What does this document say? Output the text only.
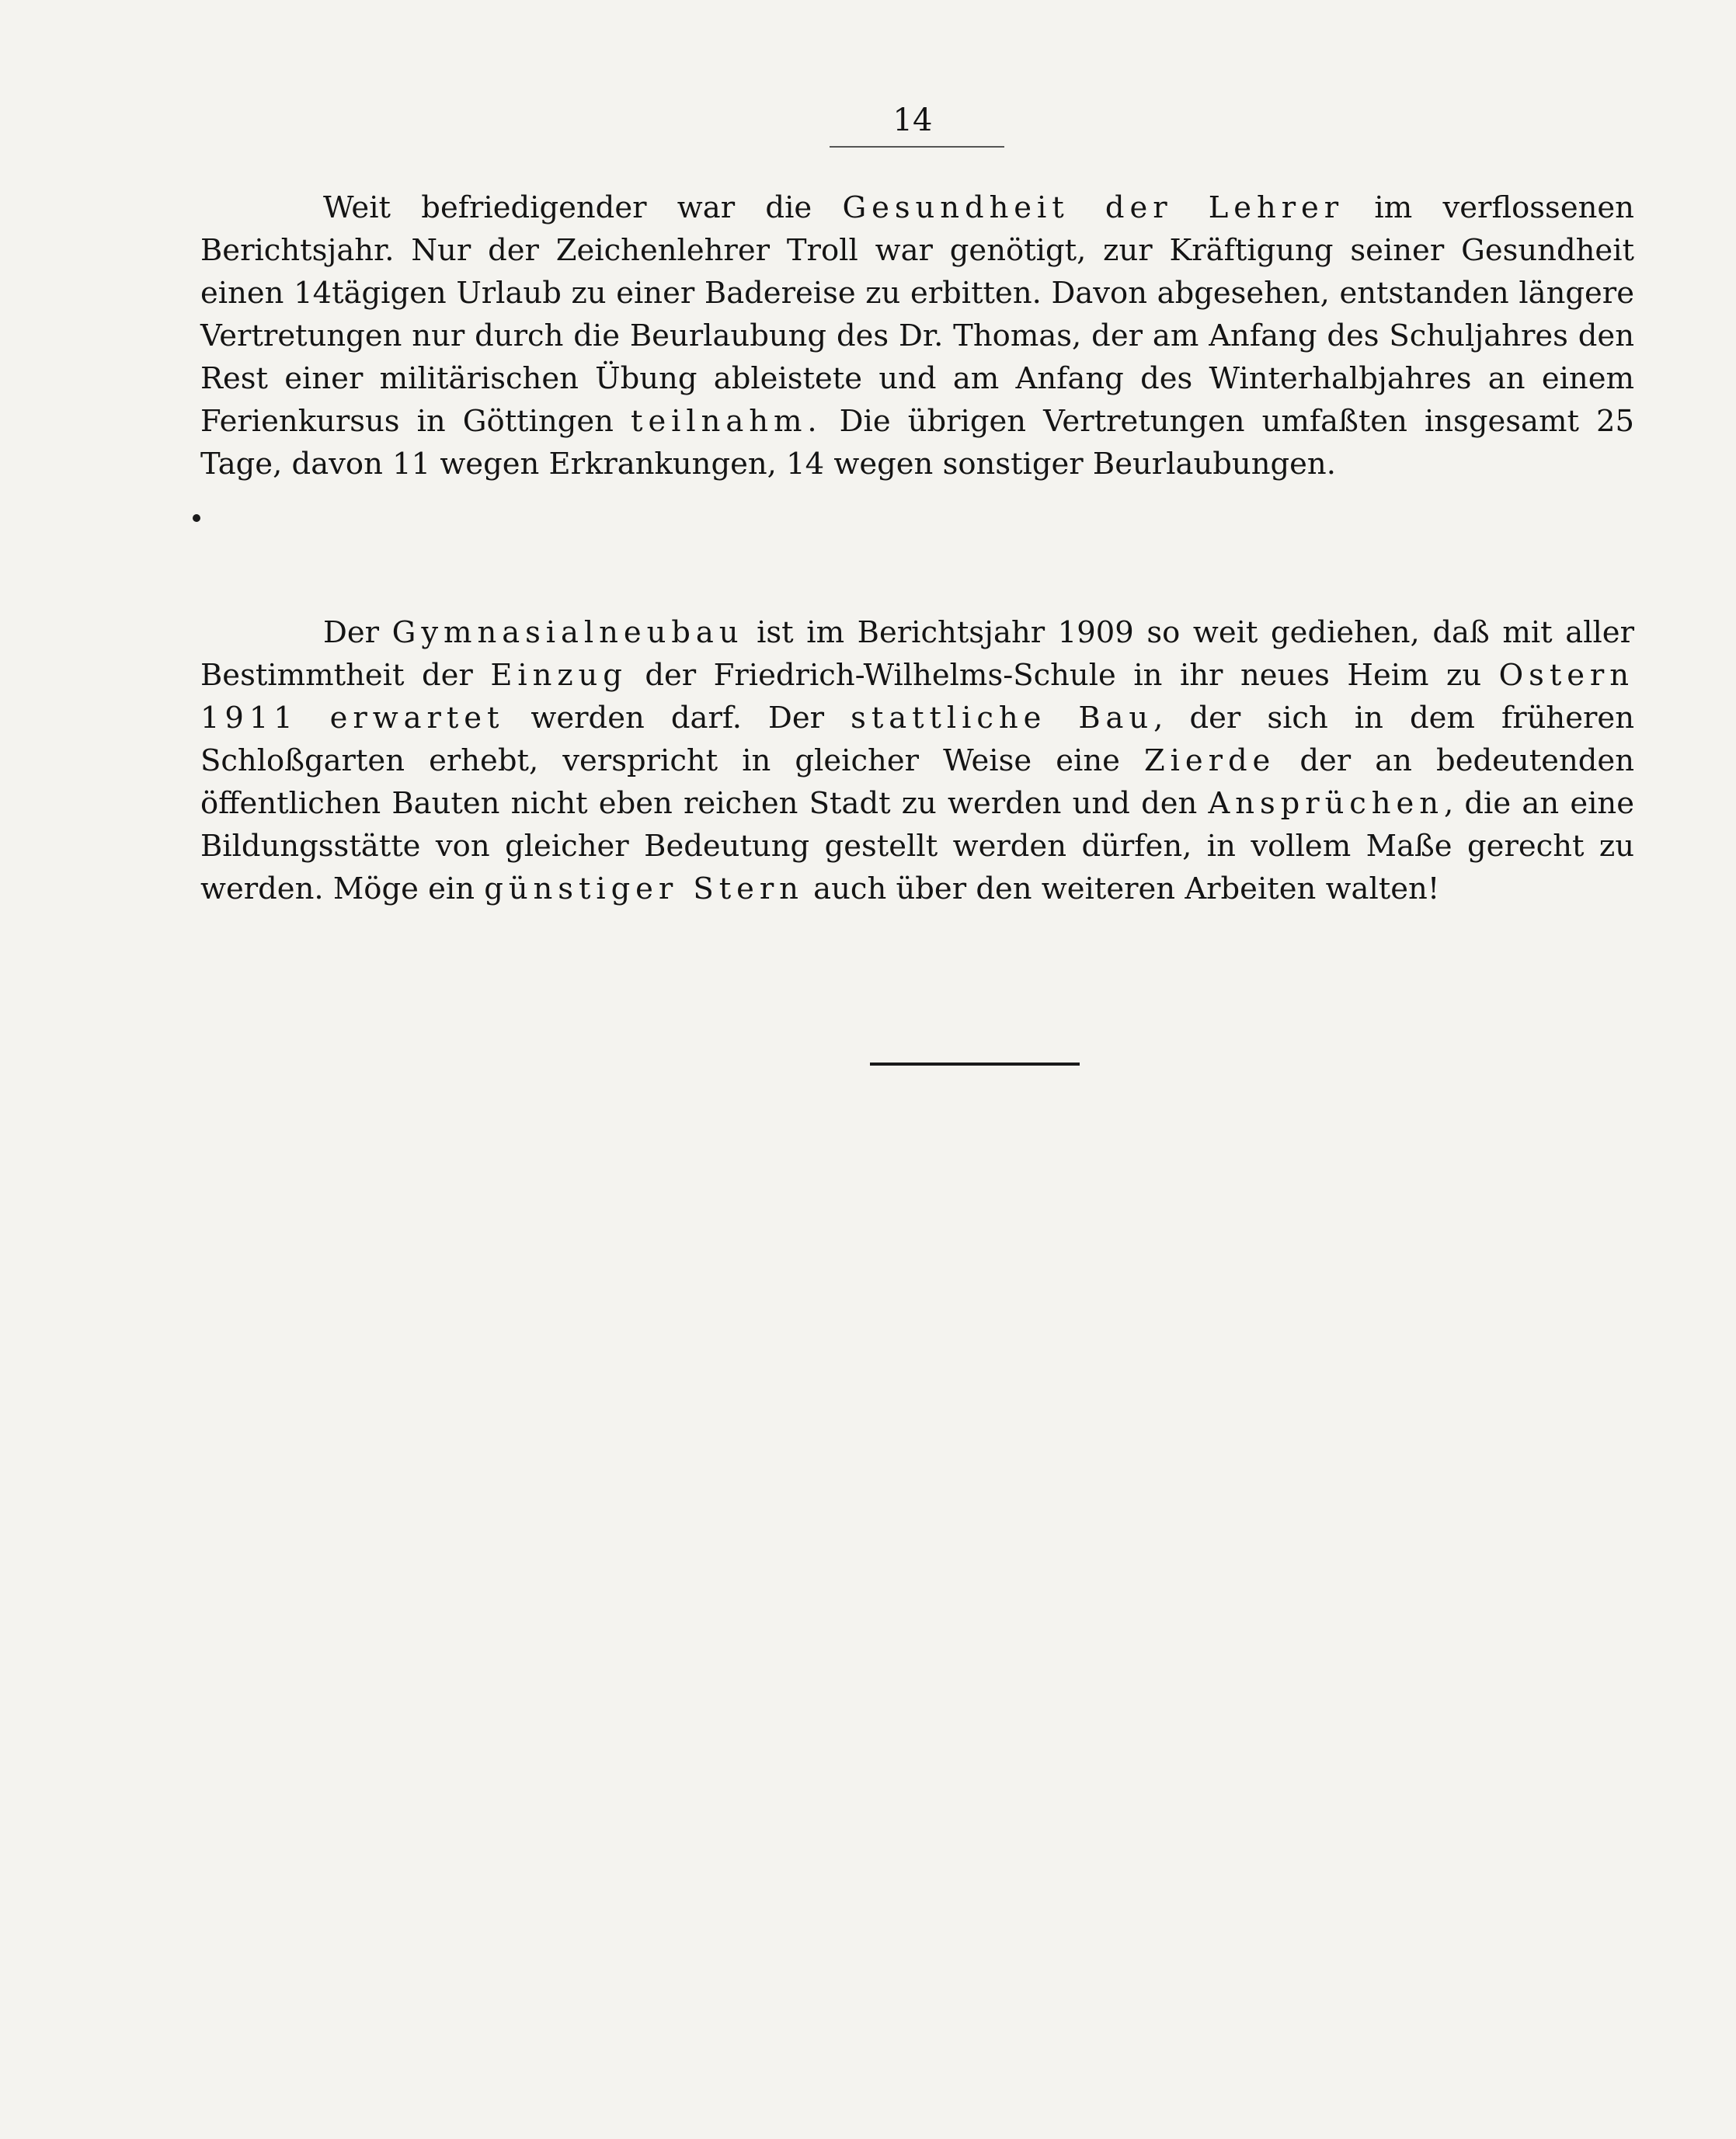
14

Weit befriedigender war die Gesundheit der Lehrer im verflossenen Berichtsjahr. Nur der Zeichenlehrer Troll war genötigt, zur Kräftigung seiner Gesundheit einen 14tägigen Urlaub zu einer Badereise zu erbitten. Davon abgesehen, entstanden längere Vertretungen nur durch die Beurlaubung des Dr. Thomas, der am Anfang des Schuljahres den Rest einer militärischen Übung ableistete und am Anfang des Winterhalbjahres an einem Ferienkursus in Göttingen teilnahm. Die übrigen Vertretungen umfaßten insgesamt 25 Tage, davon 11 wegen Erkrankungen, 14 wegen sonstiger Beurlaubungen.

Der Gymnasialneubau ist im Berichtsjahr 1909 so weit gediehen, daß mit aller Bestimmtheit der Einzug der Friedrich-Wilhelms-Schule in ihr neues Heim zu Ostern 1911 erwartet werden darf. Der stattliche Bau, der sich in dem früheren Schloßgarten erhebt, verspricht in gleicher Weise eine Zierde der an bedeutenden öffentlichen Bauten nicht eben reichen Stadt zu werden und den Ansprüchen, die an eine Bildungsstätte von gleicher Bedeutung gestellt werden dürfen, in vollem Maße gerecht zu werden. Möge ein günstiger Stern auch über den weiteren Arbeiten walten!
